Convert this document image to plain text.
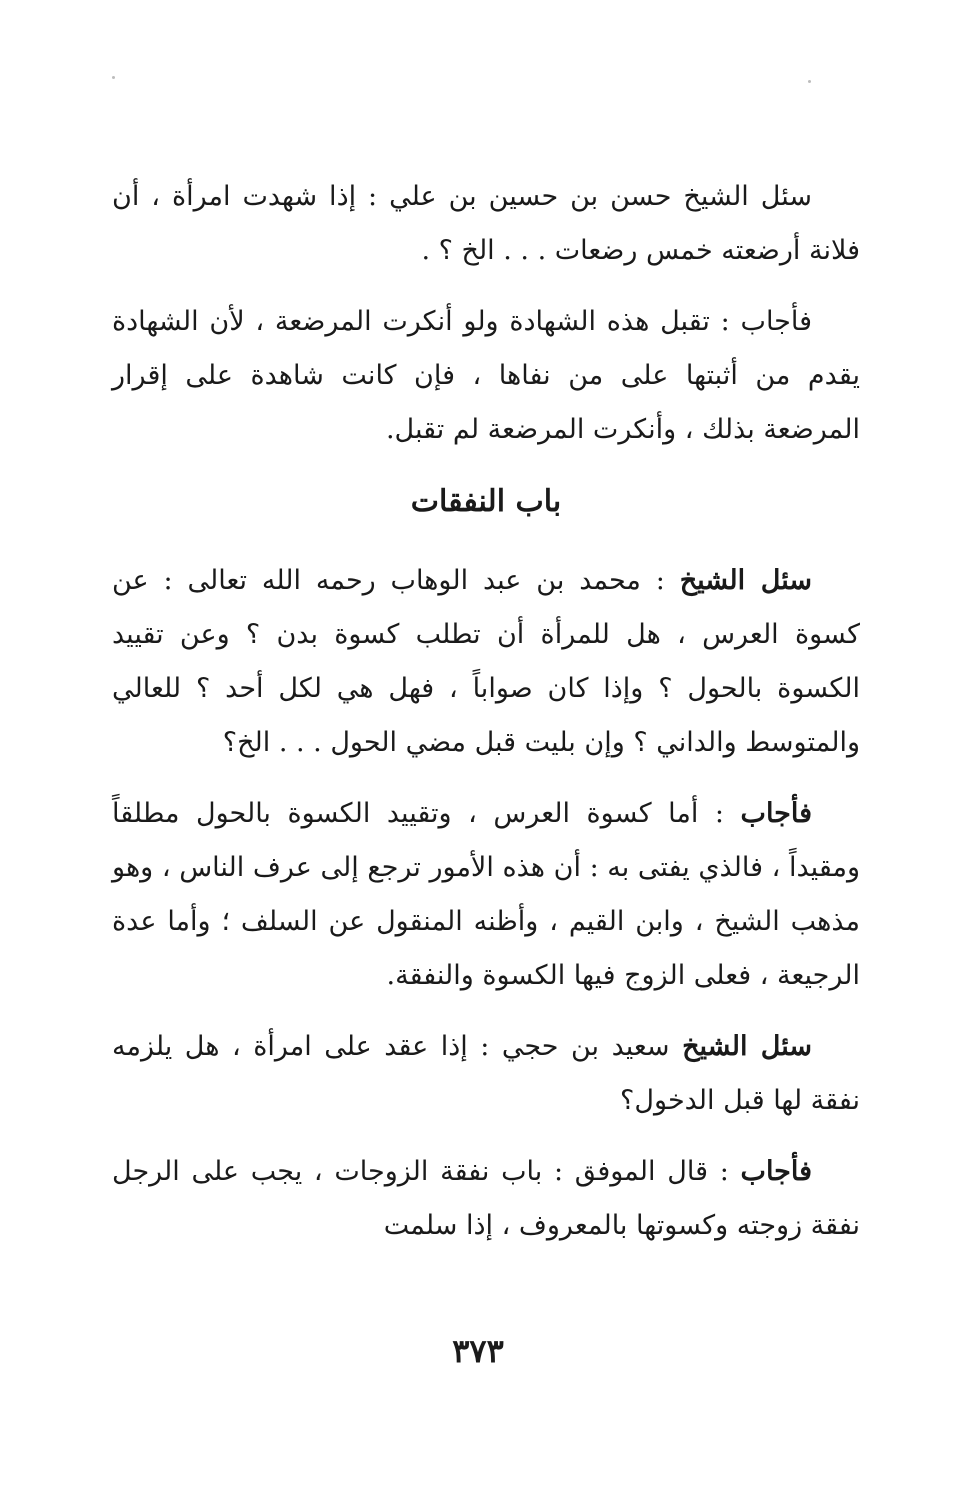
سئل الشيخ حسن بن حسين بن علي : إذا شهدت امرأة ، أن فلانة أرضعته خمس رضعات . . . الخ ؟ .

فأجاب : تقبل هذه الشهادة ولو أنكرت المرضعة ، لأن الشهادة يقدم من أثبتها على من نفاها ، فإن كانت شاهدة على إقرار المرضعة بذلك ، وأنكرت المرضعة لم تقبل.

باب النفقات

سئل الشيخ : محمد بن عبد الوهاب رحمه الله تعالى : عن كسوة العرس ، هل للمرأة أن تطلب كسوة بدن ؟ وعن تقييد الكسوة بالحول ؟ وإذا كان صواباً ، فهل هي لكل أحد ؟ للعالي والمتوسط والداني ؟ وإن بليت قبل مضي الحول . . . الخ؟

فأجاب : أما كسوة العرس ، وتقييد الكسوة بالحول مطلقاً ومقيداً ، فالذي يفتى به : أن هذه الأمور ترجع إلى عرف الناس ، وهو مذهب الشيخ ، وابن القيم ، وأظنه المنقول عن السلف ؛ وأما عدة الرجيعة ، فعلى الزوج فيها الكسوة والنفقة.

سئل الشيخ سعيد بن حجي : إذا عقد على امرأة ، هل يلزمه نفقة لها قبل الدخول؟

فأجاب : قال الموفق : باب نفقة الزوجات ، يجب على الرجل نفقة زوجته وكسوتها بالمعروف ، إذا سلمت

٣٧٣
